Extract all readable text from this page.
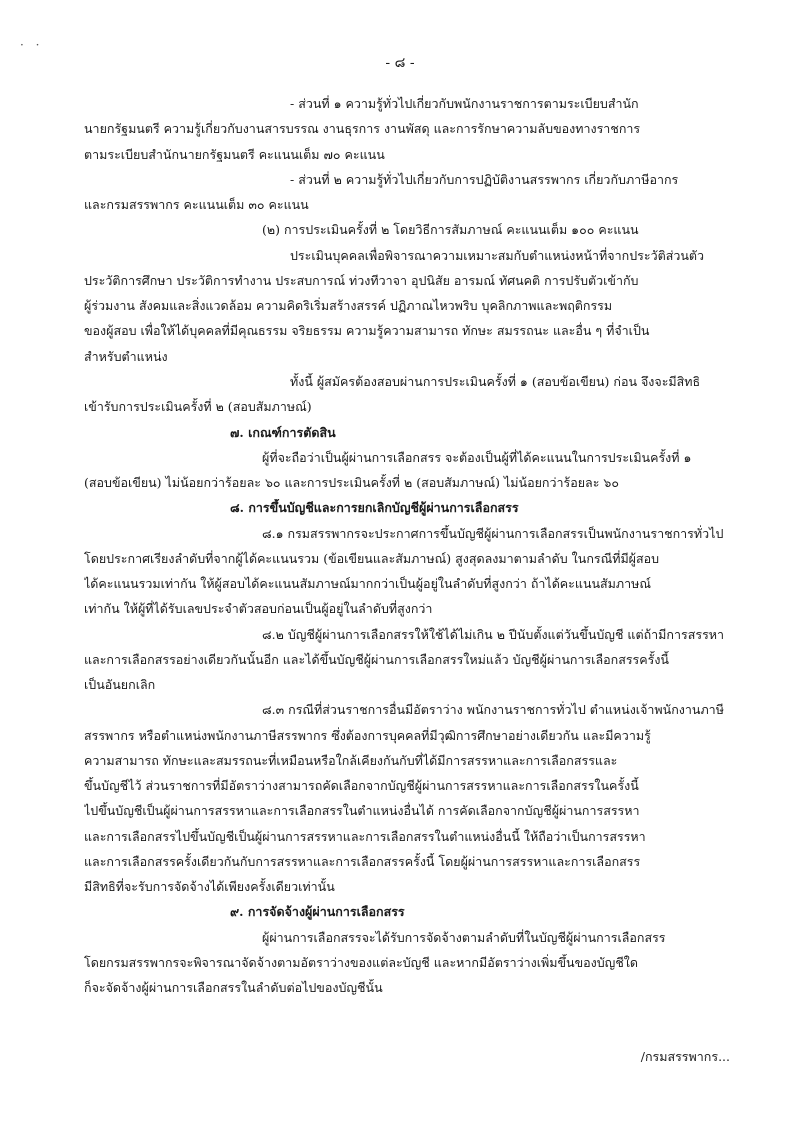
· ·
- ๘ -
- ส่วนที่ ๑ ความรู้ทั่วไปเกี่ยวกับพนักงานราชการตามระเบียบสำนัก
นายกรัฐมนตรี ความรู้เกี่ยวกับงานสารบรรณ งานธุรการ งานพัสดุ และการรักษาความลับของทางราชการ
ตามระเบียบสำนักนายกรัฐมนตรี คะแนนเต็ม ๗๐ คะแนน
- ส่วนที่ ๒ ความรู้ทั่วไปเกี่ยวกับการปฏิบัติงานสรรพากร เกี่ยวกับภาษีอากร
และกรมสรรพากร คะแนนเต็ม ๓๐ คะแนน
(๒) การประเมินครั้งที่ ๒ โดยวิธีการสัมภาษณ์ คะแนนเต็ม ๑๐๐ คะแนน
ประเมินบุคคลเพื่อพิจารณาความเหมาะสมกับตำแหน่งหน้าที่จากประวัติส่วนตัว
ประวัติการศึกษา ประวัติการทำงาน ประสบการณ์ ท่วงทีวาจา อุปนิสัย อารมณ์ ทัศนคติ การปรับตัวเข้ากับ
ผู้ร่วมงาน สังคมและสิ่งแวดล้อม ความคิดริเริ่มสร้างสรรค์ ปฏิภาณไหวพริบ บุคลิกภาพและพฤติกรรม
ของผู้สอบ เพื่อให้ได้บุคคลที่มีคุณธรรม จริยธรรม ความรู้ความสามารถ ทักษะ สมรรถนะ และอื่น ๆ ที่จำเป็น
สำหรับตำแหน่ง
ทั้งนี้ ผู้สมัครต้องสอบผ่านการประเมินครั้งที่ ๑ (สอบข้อเขียน) ก่อน จึงจะมีสิทธิ
เข้ารับการประเมินครั้งที่ ๒ (สอบสัมภาษณ์)
๗. เกณฑ์การตัดสิน
ผู้ที่จะถือว่าเป็นผู้ผ่านการเลือกสรร จะต้องเป็นผู้ที่ได้คะแนนในการประเมินครั้งที่ ๑
(สอบข้อเขียน) ไม่น้อยกว่าร้อยละ ๖๐ และการประเมินครั้งที่ ๒ (สอบสัมภาษณ์) ไม่น้อยกว่าร้อยละ ๖๐
๘. การขึ้นบัญชีและการยกเลิกบัญชีผู้ผ่านการเลือกสรร
๘.๑ กรมสรรพากรจะประกาศการขึ้นบัญชีผู้ผ่านการเลือกสรรเป็นพนักงานราชการทั่วไป
โดยประกาศเรียงลำดับที่จากผู้ได้คะแนนรวม (ข้อเขียนและสัมภาษณ์) สูงสุดลงมาตามลำดับ ในกรณีที่มีผู้สอบ
ได้คะแนนรวมเท่ากัน ให้ผู้สอบได้คะแนนสัมภาษณ์มากกว่าเป็นผู้อยู่ในลำดับที่สูงกว่า ถ้าได้คะแนนสัมภาษณ์
เท่ากัน ให้ผู้ที่ได้รับเลขประจำตัวสอบก่อนเป็นผู้อยู่ในลำดับที่สูงกว่า
๘.๒ บัญชีผู้ผ่านการเลือกสรรให้ใช้ได้ไม่เกิน ๒ ปีนับตั้งแต่วันขึ้นบัญชี แต่ถ้ามีการสรรหา
และการเลือกสรรอย่างเดียวกันนั้นอีก และได้ขึ้นบัญชีผู้ผ่านการเลือกสรรใหม่แล้ว บัญชีผู้ผ่านการเลือกสรรครั้งนี้
เป็นอันยกเลิก
๘.๓ กรณีที่ส่วนราชการอื่นมีอัตราว่าง พนักงานราชการทั่วไป ตำแหน่งเจ้าพนักงานภาษี
สรรพากร หรือตำแหน่งพนักงานภาษีสรรพากร ซึ่งต้องการบุคคลที่มีวุฒิการศึกษาอย่างเดียวกัน และมีความรู้
ความสามารถ ทักษะและสมรรถนะที่เหมือนหรือใกล้เคียงกันกับที่ได้มีการสรรหาและการเลือกสรรและ
ขึ้นบัญชีไว้ ส่วนราชการที่มีอัตราว่างสามารถคัดเลือกจากบัญชีผู้ผ่านการสรรหาและการเลือกสรรในครั้งนี้
ไปขึ้นบัญชีเป็นผู้ผ่านการสรรหาและการเลือกสรรในตำแหน่งอื่นได้ การคัดเลือกจากบัญชีผู้ผ่านการสรรหา
และการเลือกสรรไปขึ้นบัญชีเป็นผู้ผ่านการสรรหาและการเลือกสรรในตำแหน่งอื่นนี้ ให้ถือว่าเป็นการสรรหา
และการเลือกสรรครั้งเดียวกันกับการสรรหาและการเลือกสรรครั้งนี้ โดยผู้ผ่านการสรรหาและการเลือกสรร
มีสิทธิที่จะรับการจัดจ้างได้เพียงครั้งเดียวเท่านั้น
๙. การจัดจ้างผู้ผ่านการเลือกสรร
ผู้ผ่านการเลือกสรรจะได้รับการจัดจ้างตามลำดับที่ในบัญชีผู้ผ่านการเลือกสรร
โดยกรมสรรพากรจะพิจารณาจัดจ้างตามอัตราว่างของแต่ละบัญชี และหากมีอัตราว่างเพิ่มขึ้นของบัญชีใด
ก็จะจัดจ้างผู้ผ่านการเลือกสรรในลำดับต่อไปของบัญชีนั้น
/กรมสรรพากร...
